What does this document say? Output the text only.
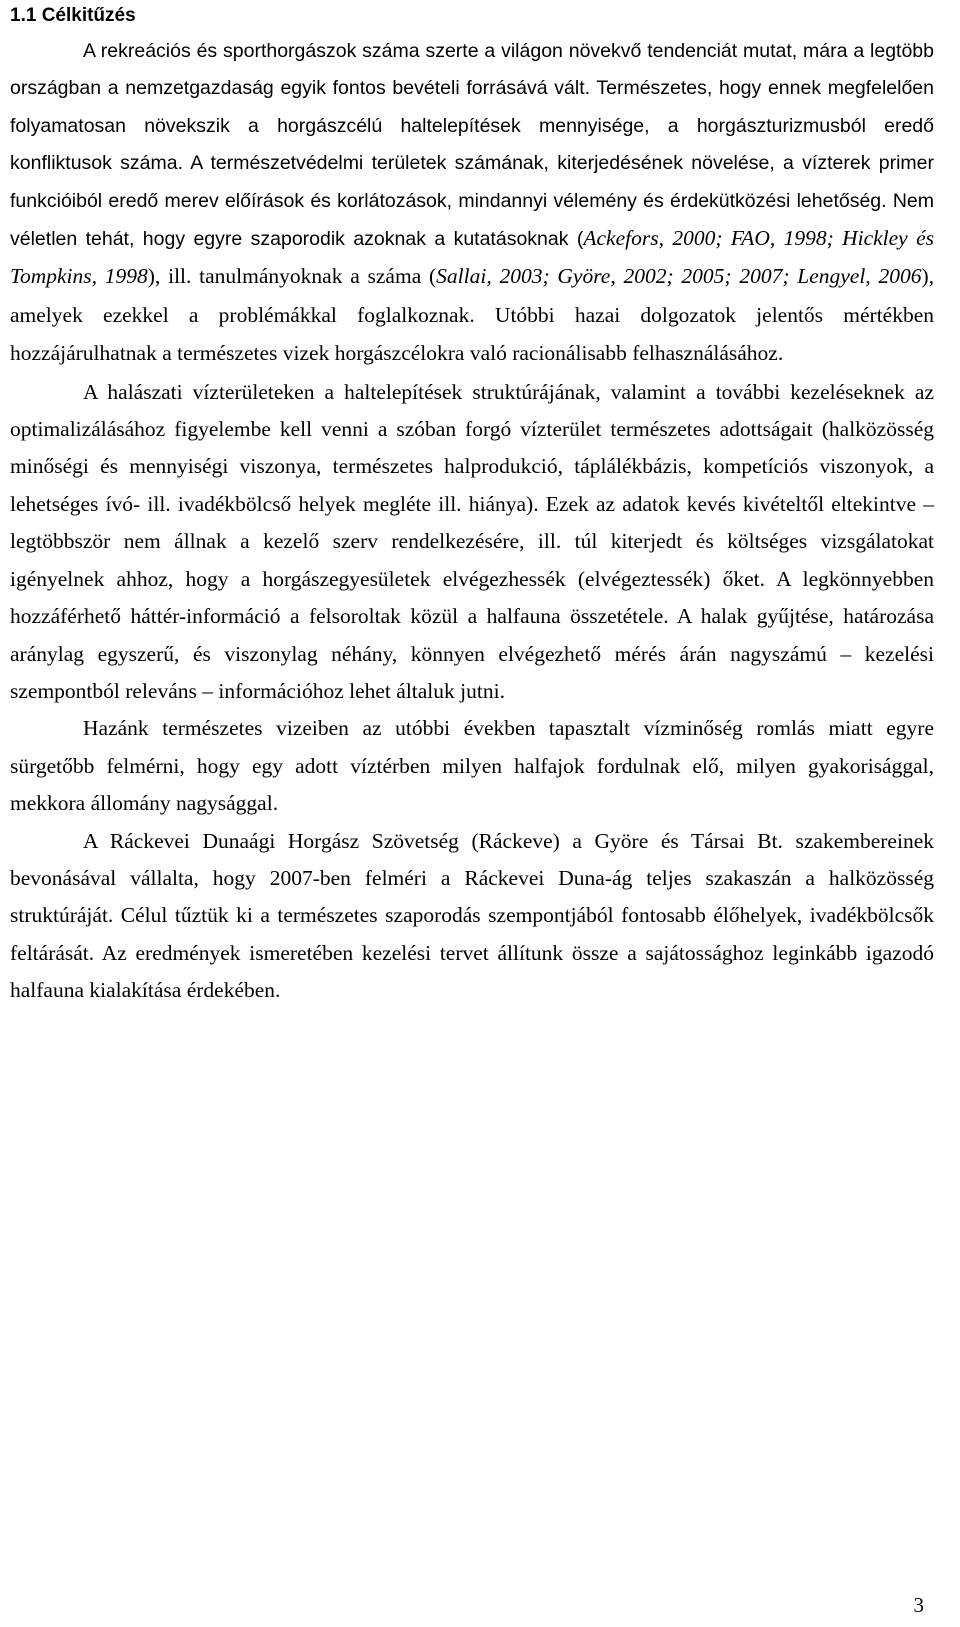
1.1 Célkitűzés

A rekreációs és sporthorgászok száma szerte a világon növekvő tendenciát mutat, mára a legtöbb országban a nemzetgazdaság egyik fontos bevételi forrásává vált. Természetes, hogy ennek megfelelően folyamatosan növekszik a horgászcélú haltelepítések mennyisége, a horgászturizmusból eredő konfliktusok száma. A természetvédelmi területek számának, kiterjedésének növelése, a vízterek primer funkcióiból eredő merev előírások és korlátozások, mindannyi vélemény és érdekütközési lehetőség. Nem véletlen tehát, hogy egyre szaporodik azoknak a kutatásoknak (Ackefors, 2000; FAO, 1998; Hickley és Tompkins, 1998), ill. tanulmányoknak a száma (Sallai, 2003; Györe, 2002; 2005; 2007; Lengyel, 2006), amelyek ezekkel a problémákkal foglalkoznak. Utóbbi hazai dolgozatok jelentős mértékben hozzájárulhatnak a természetes vizek horgászcélokra való racionálisabb felhasználásához.

A halászati vízterületeken a haltelepítések struktúrájának, valamint a további kezeléseknek az optimalizálásához figyelembe kell venni a szóban forgó vízterület természetes adottságait (halközösség minőségi és mennyiségi viszonya, természetes halprodukció, táplálékbázis, kompetíciós viszonyok, a lehetséges ívó- ill. ivadékbölcső helyek megléte ill. hiánya). Ezek az adatok kevés kivételtől eltekintve –legtöbbször nem állnak a kezelő szerv rendelkezésére, ill. túl kiterjedt és költséges vizsgálatokat igényelnek ahhoz, hogy a horgászegyesületek elvégezhessék (elvégeztessék) őket. A legkönnyebben hozzáférhető háttér-információ a felsoroltak közül a halfauna összetétele. A halak gyűjtése, határozása aránylag egyszerű, és viszonylag néhány, könnyen elvégezhető mérés árán nagyszámú – kezelési szempontból releváns – információhoz lehet általuk jutni.

Hazánk természetes vizeiben az utóbbi években tapasztalt vízminőség romlás miatt egyre sürgetőbb felmérni, hogy egy adott víztérben milyen halfajok fordulnak elő, milyen gyakorisággal, mekkora állomány nagysággal.

A Ráckevei Dunaági Horgász Szövetség (Ráckeve) a Györe és Társai Bt. szakembereinek bevonásával vállalta, hogy 2007-ben felméri a Ráckevei Duna-ág teljes szakaszán a halközösség struktúráját. Célul tűztük ki a természetes szaporodás szempontjából fontosabb élőhelyek, ivadékbölcsők feltárását. Az eredmények ismeretében kezelési tervet állítunk össze a sajátossághoz leginkább igazodó halfauna kialakítása érdekében.

3
